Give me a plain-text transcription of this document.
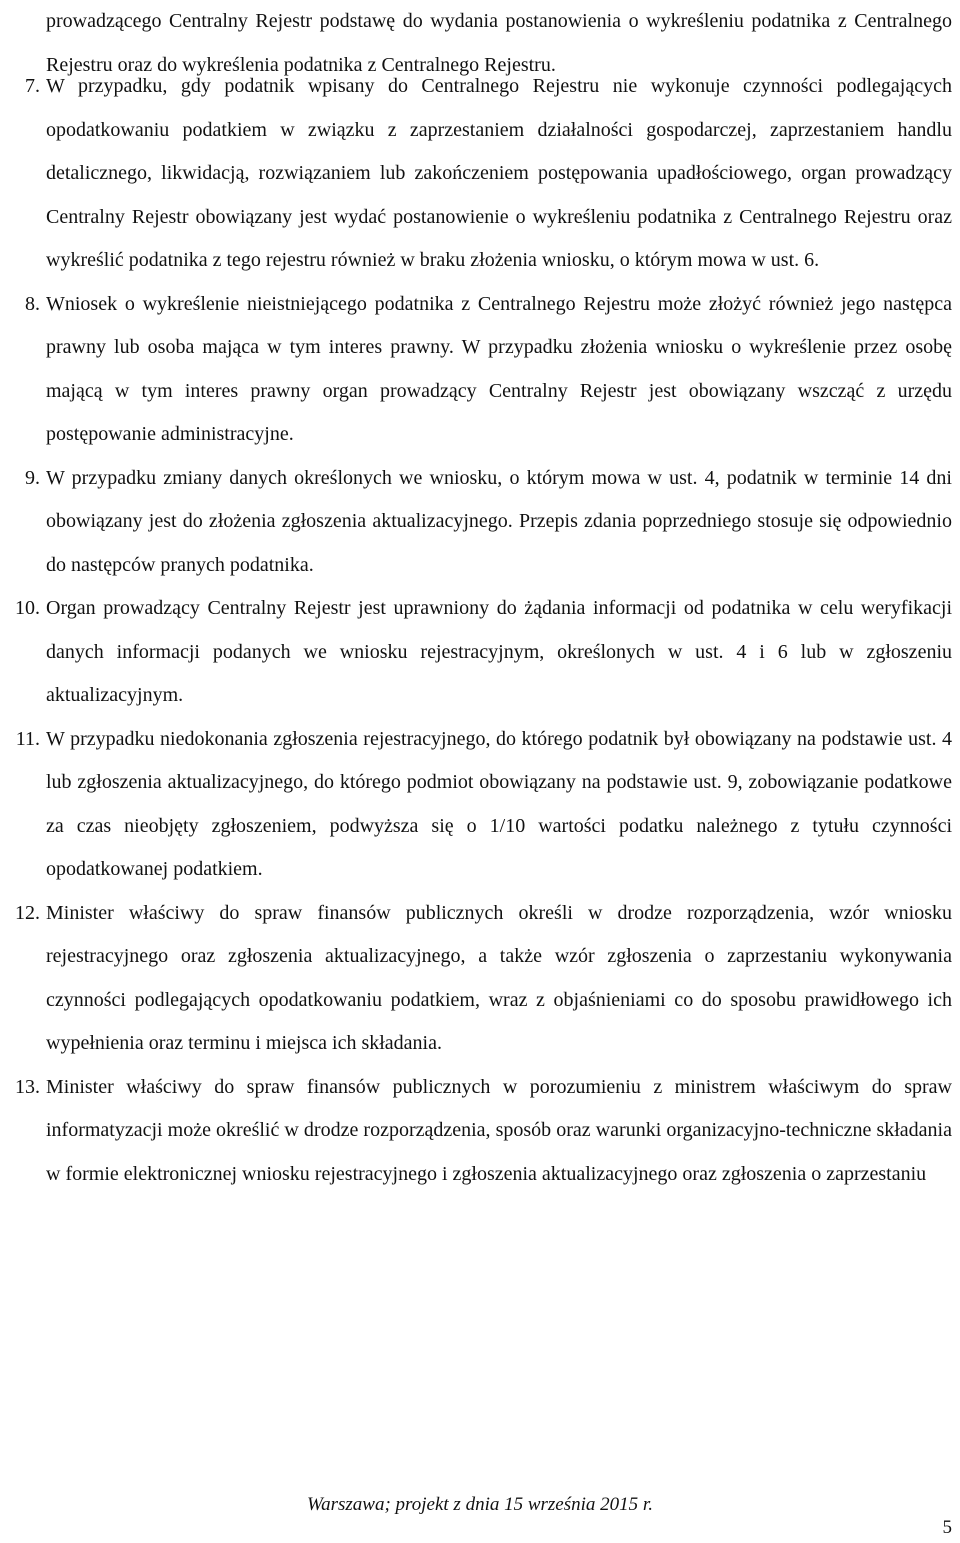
prowadzącego Centralny Rejestr podstawę do wydania postanowienia o wykreśleniu podatnika z Centralnego Rejestru oraz do wykreślenia podatnika z Centralnego Rejestru.
7. W przypadku, gdy podatnik wpisany do Centralnego Rejestru nie wykonuje czynności podlegających opodatkowaniu podatkiem w związku z zaprzestaniem działalności gospodarczej, zaprzestaniem handlu detalicznego, likwidacją, rozwiązaniem lub zakończeniem postępowania upadłościowego, organ prowadzący Centralny Rejestr obowiązany jest wydać postanowienie o wykreśleniu podatnika z Centralnego Rejestru oraz wykreślić podatnika z tego rejestru również w braku złożenia wniosku, o którym mowa w ust. 6.
8. Wniosek o wykreślenie nieistniejącego podatnika z Centralnego Rejestru może złożyć również jego następca prawny lub osoba mająca w tym interes prawny. W przypadku złożenia wniosku o wykreślenie przez osobę mającą w tym interes prawny organ prowadzący Centralny Rejestr jest obowiązany wszcząć z urzędu postępowanie administracyjne.
9. W przypadku zmiany danych określonych we wniosku, o którym mowa w ust. 4, podatnik w terminie 14 dni obowiązany jest do złożenia zgłoszenia aktualizacyjnego. Przepis zdania poprzedniego stosuje się odpowiednio do następców pranych podatnika.
10. Organ prowadzący Centralny Rejestr jest uprawniony do żądania informacji od podatnika w celu weryfikacji danych informacji podanych we wniosku rejestracyjnym, określonych w ust. 4 i 6 lub w zgłoszeniu aktualizacyjnym.
11. W przypadku niedokonania zgłoszenia rejestracyjnego, do którego podatnik był obowiązany na podstawie ust. 4 lub zgłoszenia aktualizacyjnego, do którego podmiot obowiązany na podstawie ust. 9, zobowiązanie podatkowe za czas nieobjęty zgłoszeniem, podwyższa się o 1/10 wartości podatku należnego z tytułu czynności opodatkowanej podatkiem.
12. Minister właściwy do spraw finansów publicznych określi w drodze rozporządzenia, wzór wniosku rejestracyjnego oraz zgłoszenia aktualizacyjnego, a także wzór zgłoszenia o zaprzestaniu wykonywania czynności podlegających opodatkowaniu podatkiem, wraz z objaśnieniami co do sposobu prawidłowego ich wypełnienia oraz terminu i miejsca ich składania.
13. Minister właściwy do spraw finansów publicznych w porozumieniu z ministrem właściwym do spraw informatyzacji może określić w drodze rozporządzenia, sposób oraz warunki organizacyjno-techniczne składania w formie elektronicznej wniosku rejestracyjnego i zgłoszenia aktualizacyjnego oraz zgłoszenia o zaprzestaniu
Warszawa; projekt z dnia 15 września 2015 r.
5
